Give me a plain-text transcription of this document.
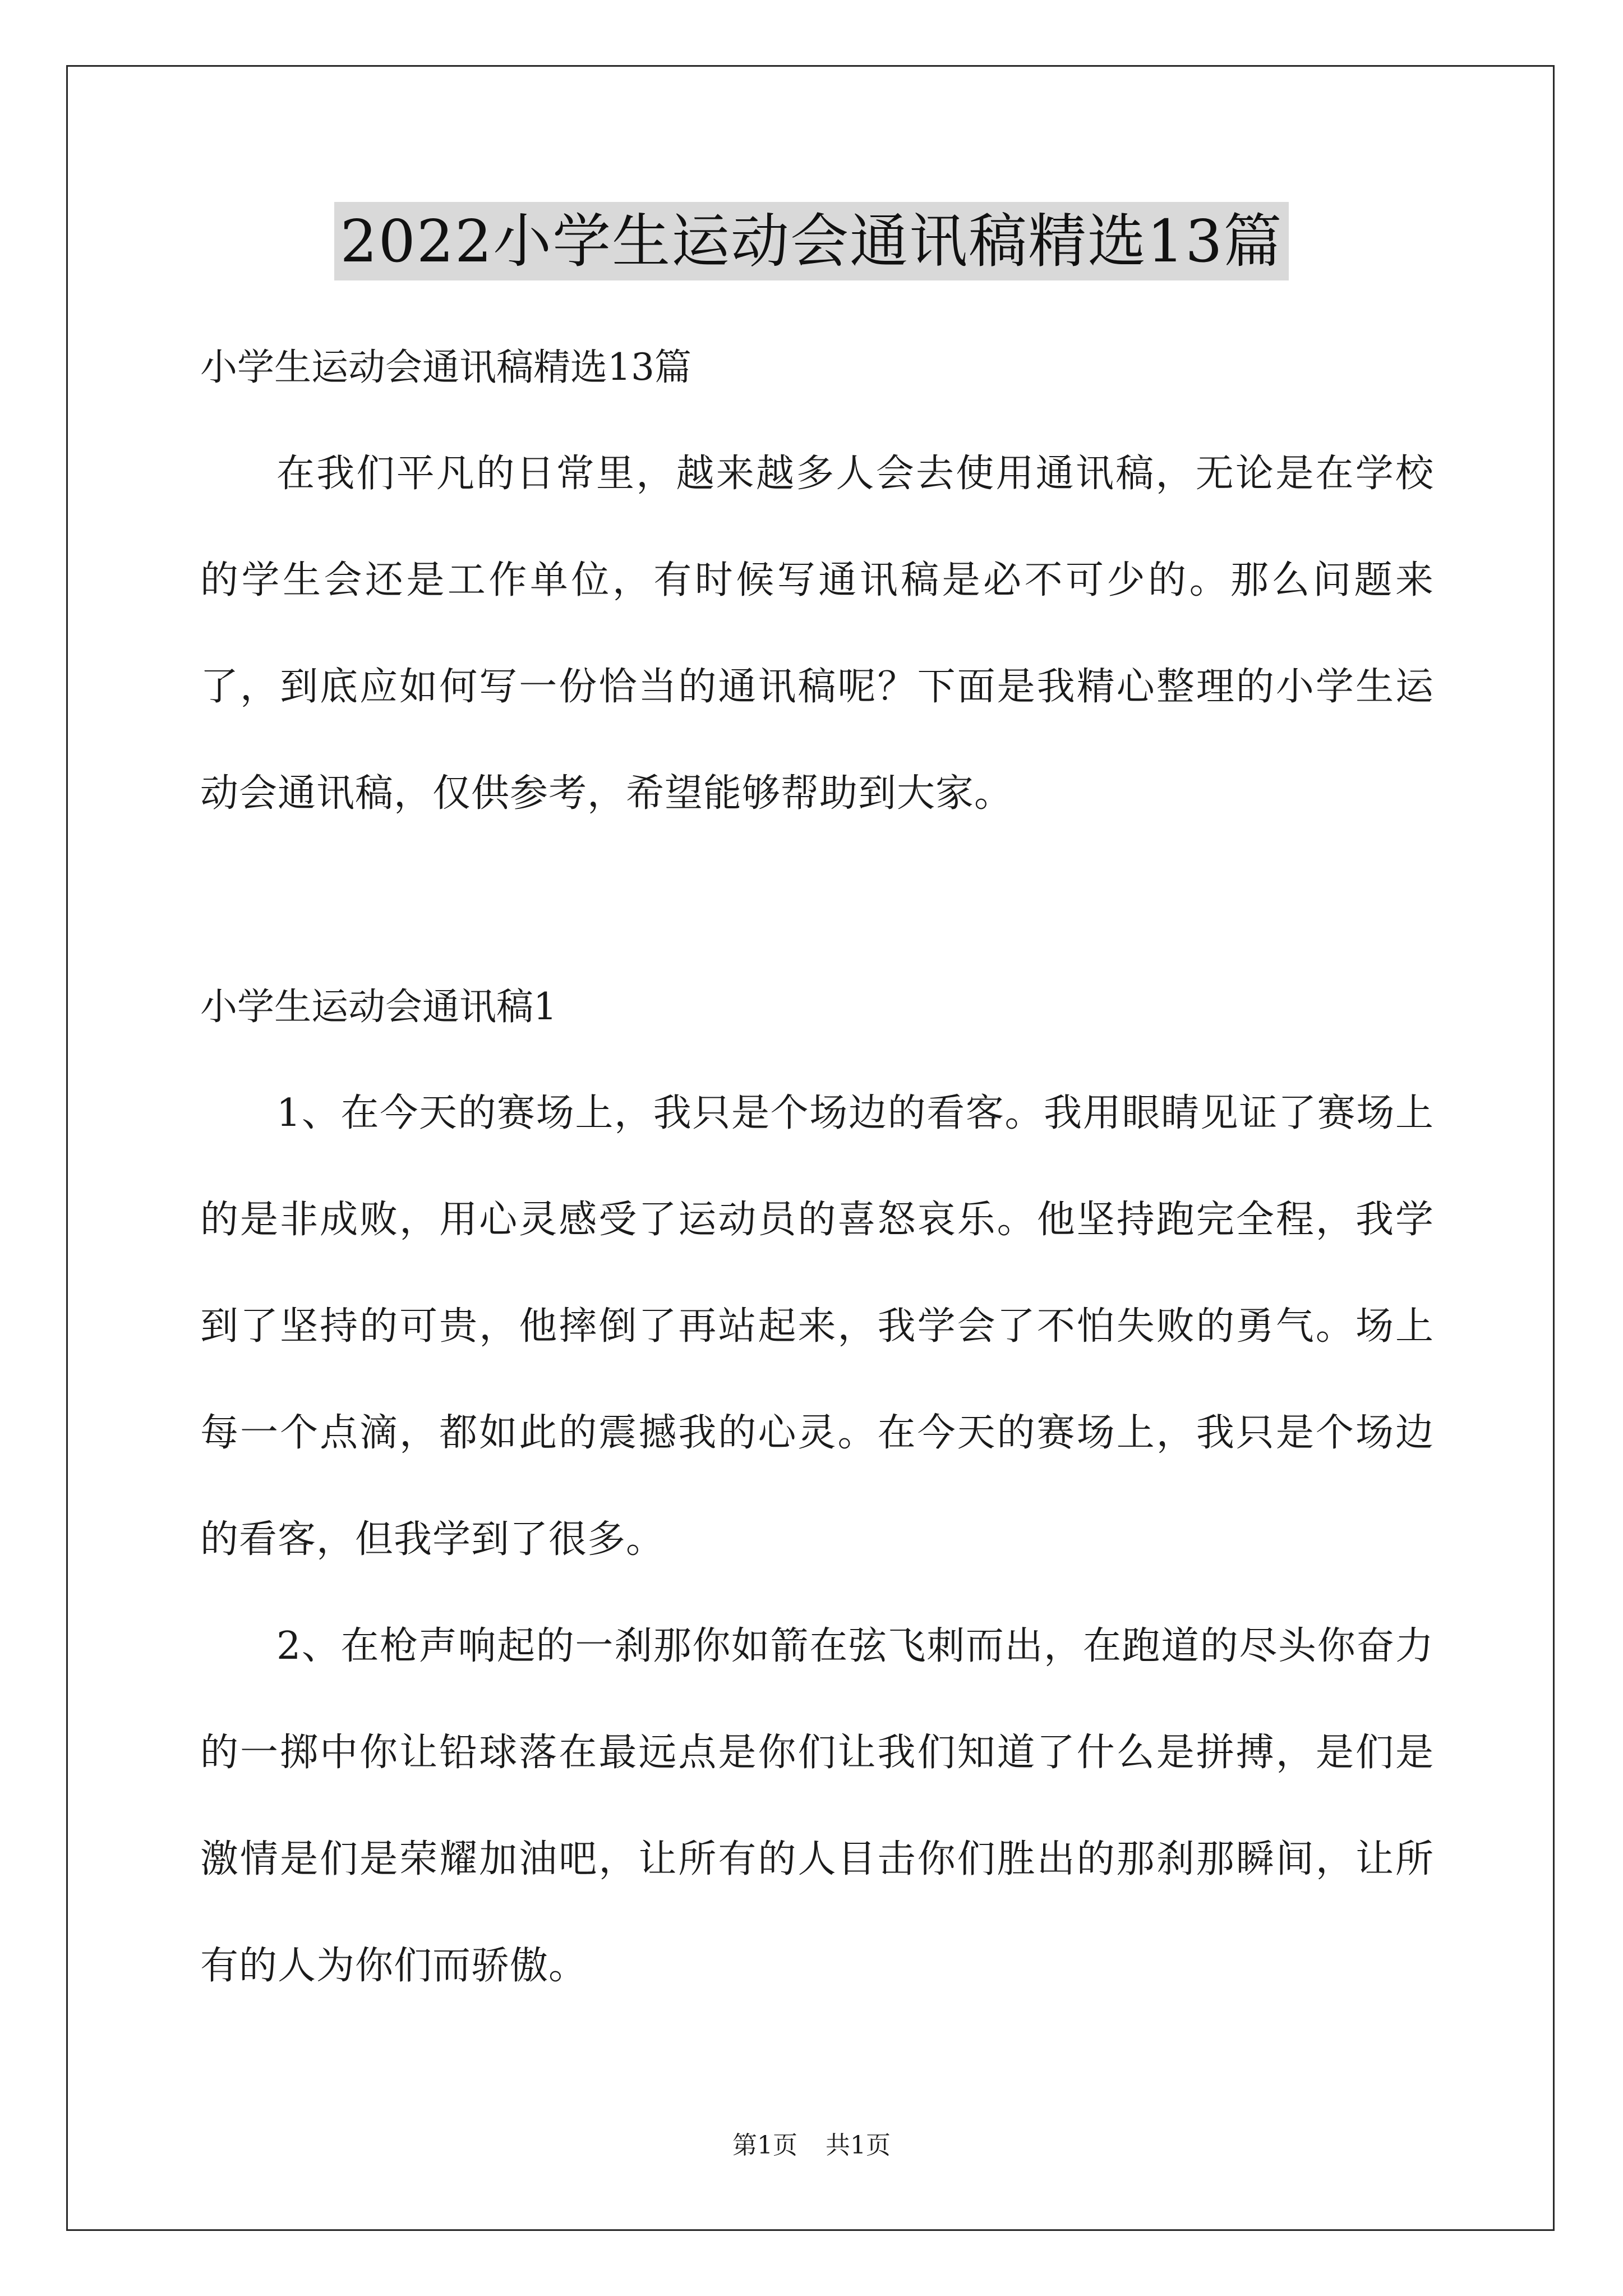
2022小学生运动会通讯稿精选13篇
小学生运动会通讯稿精选13篇
在我们平凡的日常里，越来越多人会去使用通讯稿，无论是在学校的学生会还是工作单位，有时候写通讯稿是必不可少的。那么问题来了，到底应如何写一份恰当的通讯稿呢？下面是我精心整理的小学生运动会通讯稿，仅供参考，希望能够帮助到大家。
小学生运动会通讯稿1
1、在今天的赛场上，我只是个场边的看客。我用眼睛见证了赛场上的是非成败，用心灵感受了运动员的喜怒哀乐。他坚持跑完全程，我学到了坚持的可贵，他摔倒了再站起来，我学会了不怕失败的勇气。场上每一个点滴，都如此的震撼我的心灵。在今天的赛场上，我只是个场边的看客，但我学到了很多。
2、在枪声响起的一刹那你如箭在弦飞刺而出，在跑道的尽头你奋力的一掷中你让铅球落在最远点是你们让我们知道了什么是拼搏，是们是激情是们是荣耀加油吧，让所有的人目击你们胜出的那刹那瞬间，让所有的人为你们而骄傲。
第1页 共1页
